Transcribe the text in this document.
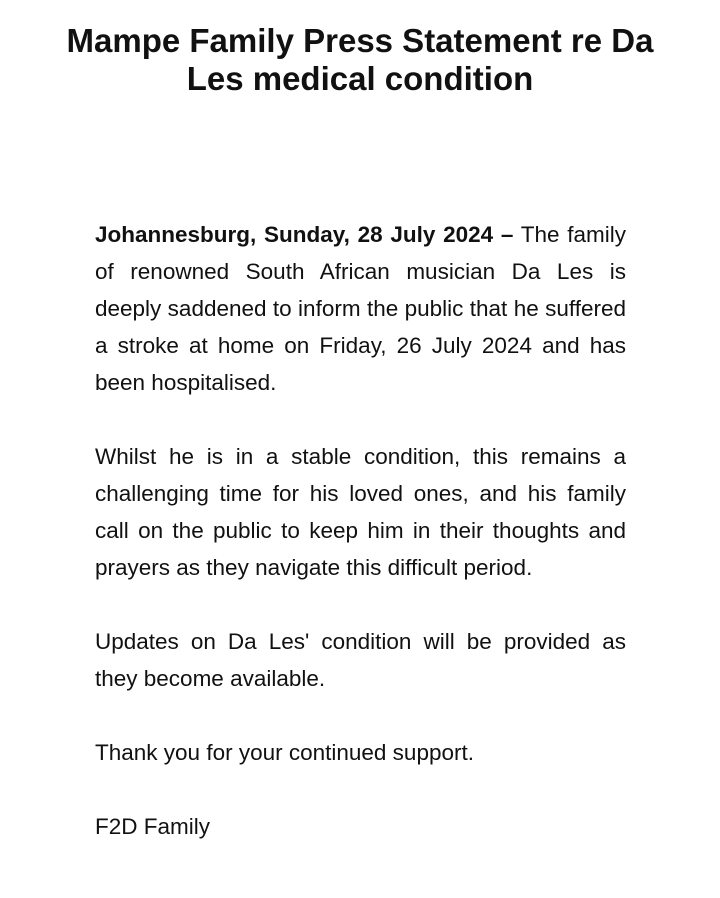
Mampe Family Press Statement re Da Les medical condition

Johannesburg, Sunday, 28 July 2024 – The family of renowned South African musician Da Les is deeply saddened to inform the public that he suffered a stroke at home on Friday, 26 July 2024 and has been hospitalised.

Whilst he is in a stable condition, this remains a challenging time for his loved ones, and his family call on the public to keep him in their thoughts and prayers as they navigate this difficult period.

Updates on Da Les' condition will be provided as they become available.

Thank you for your continued support.

F2D Family
